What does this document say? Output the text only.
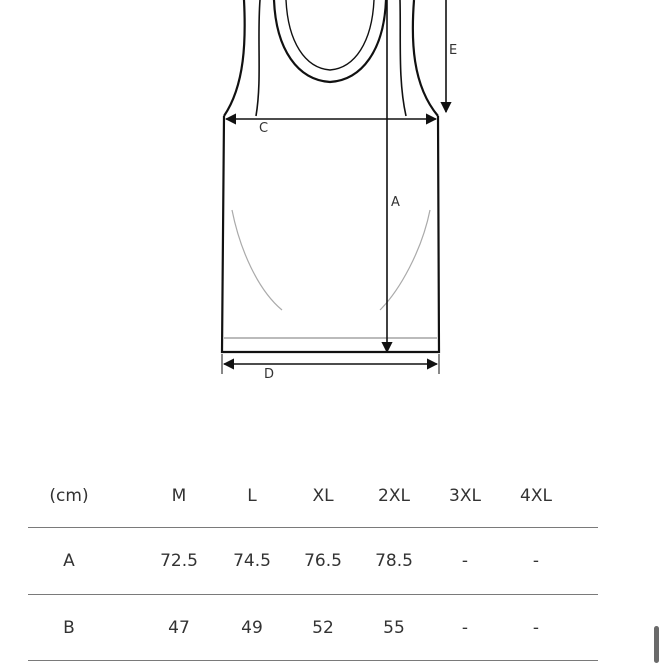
C
A
D
E
(cm)	M	L	XL	2XL	3XL	4XL
A	72.5	74.5	76.5	78.5	-	-
B	47	49	52	55	-	-
